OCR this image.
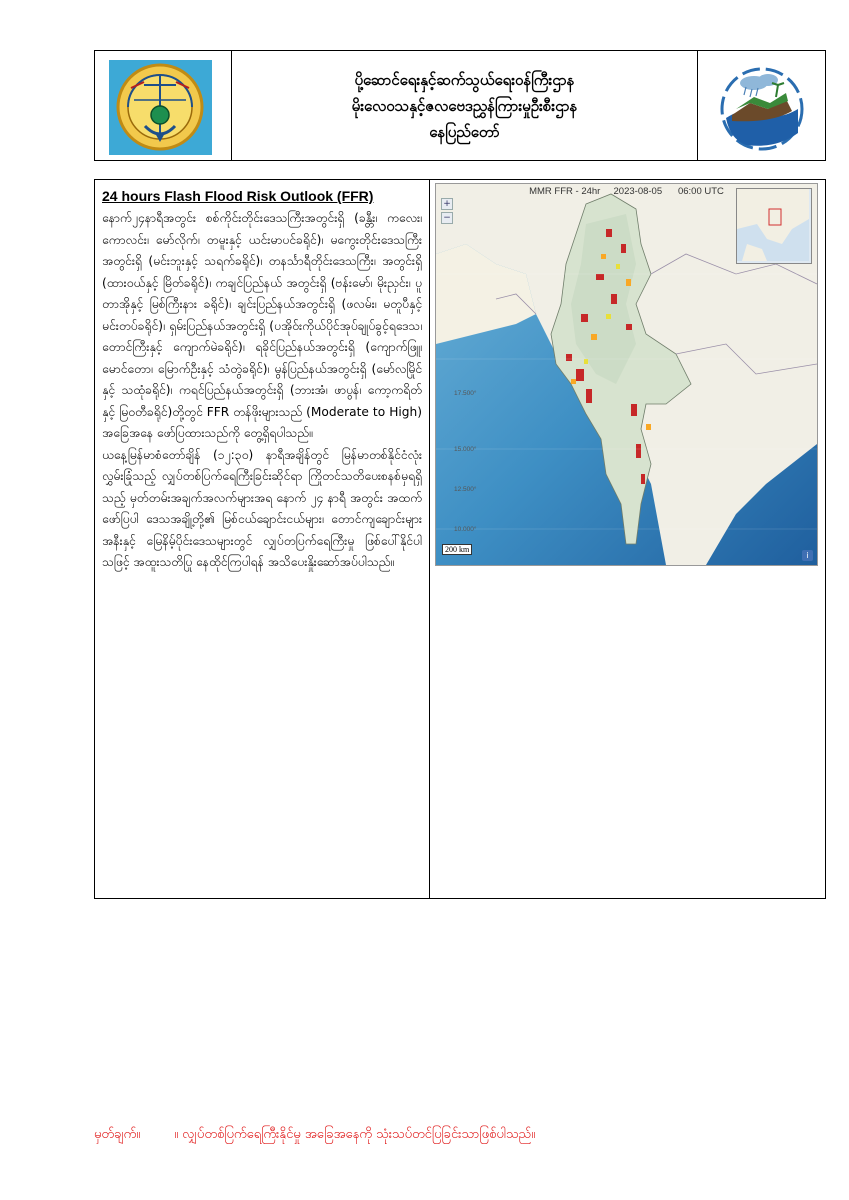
ပို့ဆောင်ရေးနှင့်ဆက်သွယ်ရေးဝန်ကြီးဌာန
မိုးလေဝသနှင့်ဇလဗေဒညွှန်ကြားမှုဦးစီးဌာန
နေပြည်တော်
24 hours Flash Flood Risk Outlook (FFR)

နောက်၂၄နာရီအတွင်း စစ်ကိုင်းတိုင်းဒေသကြီးအတွင်းရှိ (ခန္တီး၊ ကလေး၊ ကောလင်း၊ မော်လိုက်၊ တမူးနှင့် ယင်းမာပင်ခရိုင်)၊ မကွေးတိုင်းဒေသကြီးအတွင်းရှိ (မင်းဘူးနှင့် သရက်ခရိုင်)၊ တနင်္သာရီတိုင်းဒေသကြီး၊ အတွင်းရှိ (ထားဝယ်နှင့် မြိတ်ခရိုင်)၊ ကချင်ပြည်နယ် အတွင်းရှိ (ဗန်းမော်၊ မိုးညှင်း၊ ပူတာအိုနှင့် မြစ်ကြီးနား ခရိုင်)၊ ချင်းပြည်နယ်အတွင်းရှိ (ဖလမ်း၊ မတူပီနှင့် မင်းတပ်ခရိုင်)၊ ရှမ်းပြည်နယ်အတွင်းရှိ (ပအိုဝ်းကိုယ်ပိုင်အုပ်ချုပ်ခွင့်ရဒေသ၊ တောင်ကြီးနှင့် ကျောက်မဲခရိုင်)၊ ရခိုင်ပြည်နယ်အတွင်းရှိ (ကျောက်ဖြူ၊ မောင်တော၊ မြောက်ဦးနှင့် သံတွဲခရိုင်)၊ မွန်ပြည်နယ်အတွင်းရှိ (မော်လမြိုင်နှင့် သထုံခရိုင်)၊ ကရင်ပြည်နယ်အတွင်းရှိ (ဘားအံ၊ ဖာပွန်၊ ကော့ကရိတ်နှင့် မြဝတီခရိုင်)တို့တွင် FFR တန်ဖိုးများသည် (Moderate to High) အခြေအနေ ဖော်ပြထားသည်ကို တွေ့ရှိရပါသည်။

ယနေ့မြန်မာစံတော်ချိန် (၁၂:၃၀) နာရီအချိန်တွင် မြန်မာတစ်နိုင်ငံလုံးလွှမ်းခြုံသည့် လျှပ်တစ်ပြက်ရေကြီးခြင်းဆိုင်ရာ ကြိုတင်သတိပေးစနစ်မှရရှိသည့် မှတ်တမ်းအချက်အလက်များအရ နောက် ၂၄ နာရီ အတွင်း အထက်ဖော်ပြပါ ဒေသအချို့တို့၏ မြစ်ငယ်ချောင်းငယ်များ၊ တောင်ကျချောင်းများ အနီးနှင့် မြေနိမ့်ပိုင်းဒေသများတွင် လျှပ်တပြက်ရေကြီးမှု ဖြစ်ပေါ်နိုင်ပါသဖြင့် အထူးသတိပြု နေထိုင်ကြပါရန် အသိပေးနှိုးဆော်အပ်ပါသည်။

MMR FFR - 24hr     2023-08-05      06:00 UTC
+
−
17.500°
15.000°
12.500°
10.000°
200 km
i
မှတ်ချက်။	။ လျှပ်တစ်ပြက်ရေကြီးနိုင်မှု အခြေအနေကို သုံးသပ်တင်ပြခြင်းသာဖြစ်ပါသည်။
